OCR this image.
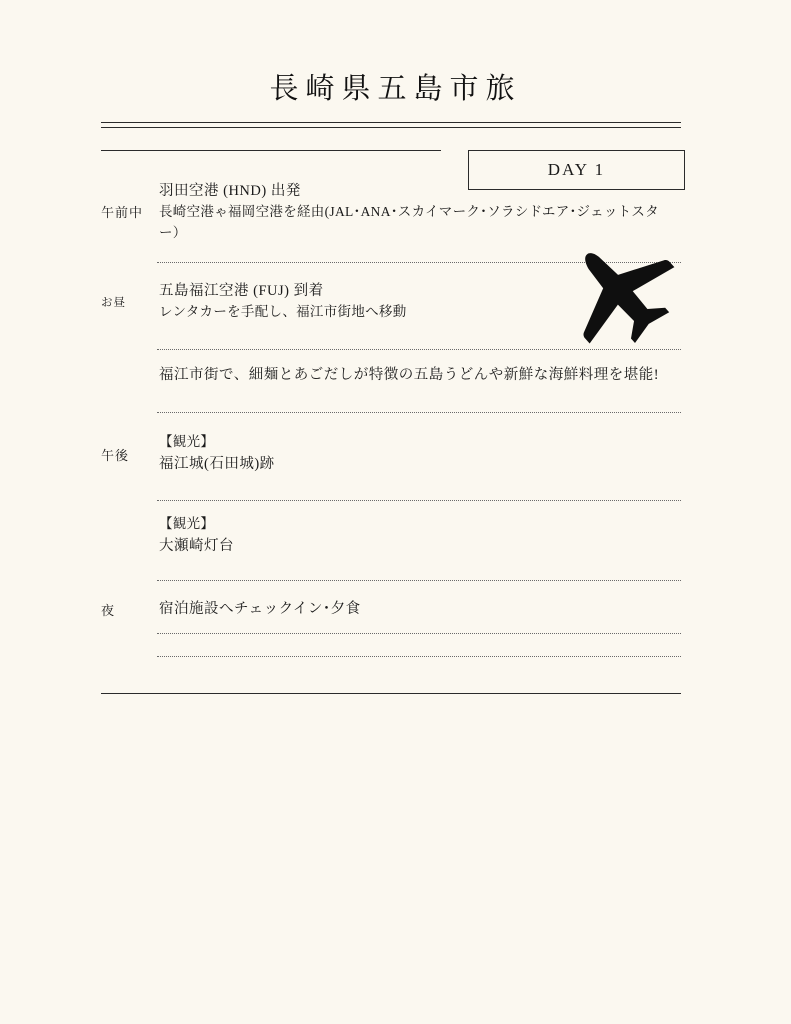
長崎県五島市旅
DAY 1
午前中
羽田空港 (HND) 出発
長崎空港ゃ福岡空港を経由(JAL･ANA･スカイマーク･ソラシドエア･ジェットスター）
お昼
五島福江空港 (FUJ) 到着
レンタカーを手配し、福江市街地へ移動
福江市街で、細麺とあごだしが特徴の五島うどんや新鮮な海鮮料理を堪能!
午後
【観光】
福江城(石田城)跡
【観光】
大瀬崎灯台
夜	宿泊施設へチェックイン･夕食
